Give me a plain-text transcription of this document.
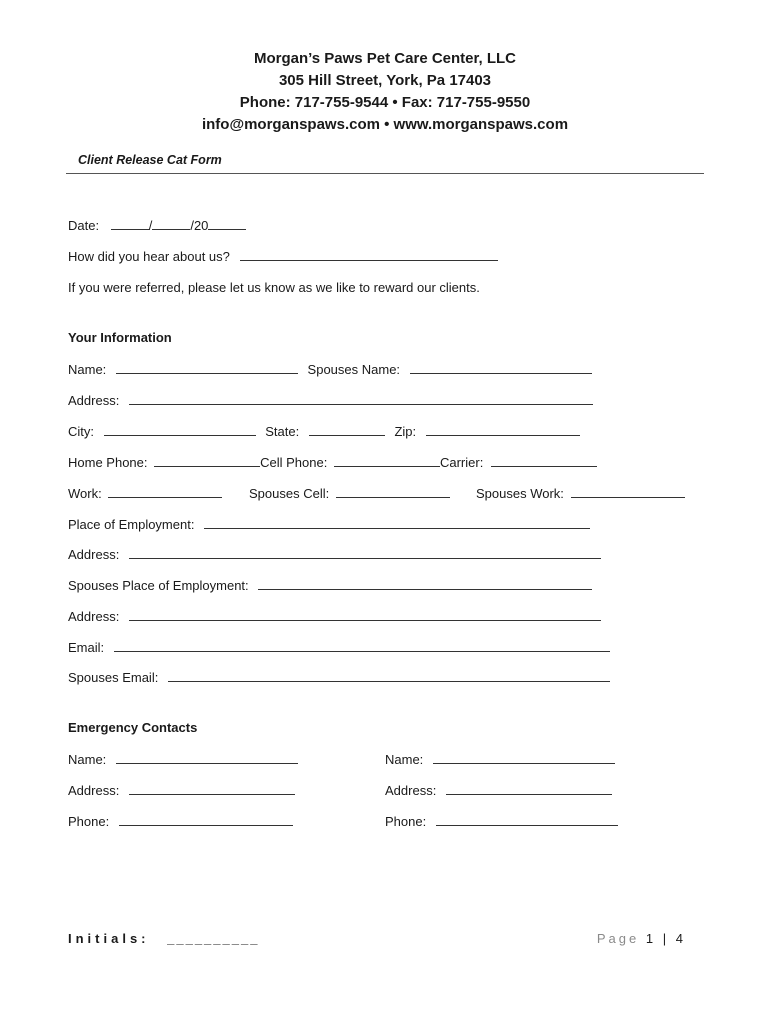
Morgan’s Paws Pet Care Center, LLC
305 Hill Street, York, Pa 17403
Phone: 717-755-9544 • Fax: 717-755-9550
info@morganspaws.com • www.morganspaws.com
Client Release Cat Form
Date:	/	/20
How did you hear about us?
If you were referred, please let us know as we like to reward our clients.
Your Information
Name:	Spouses Name:
Address:
City:	State:	Zip:
Home Phone:	Cell Phone:	Carrier:
Work:	Spouses Cell:	Spouses Work:
Place of Employment:
Address:
Spouses Place of Employment:
Address:
Email:
Spouses Email:
Emergency Contacts
Name:	Name:
Address:	Address:
Phone:	Phone:
Initials: __________	Page 1 | 4
